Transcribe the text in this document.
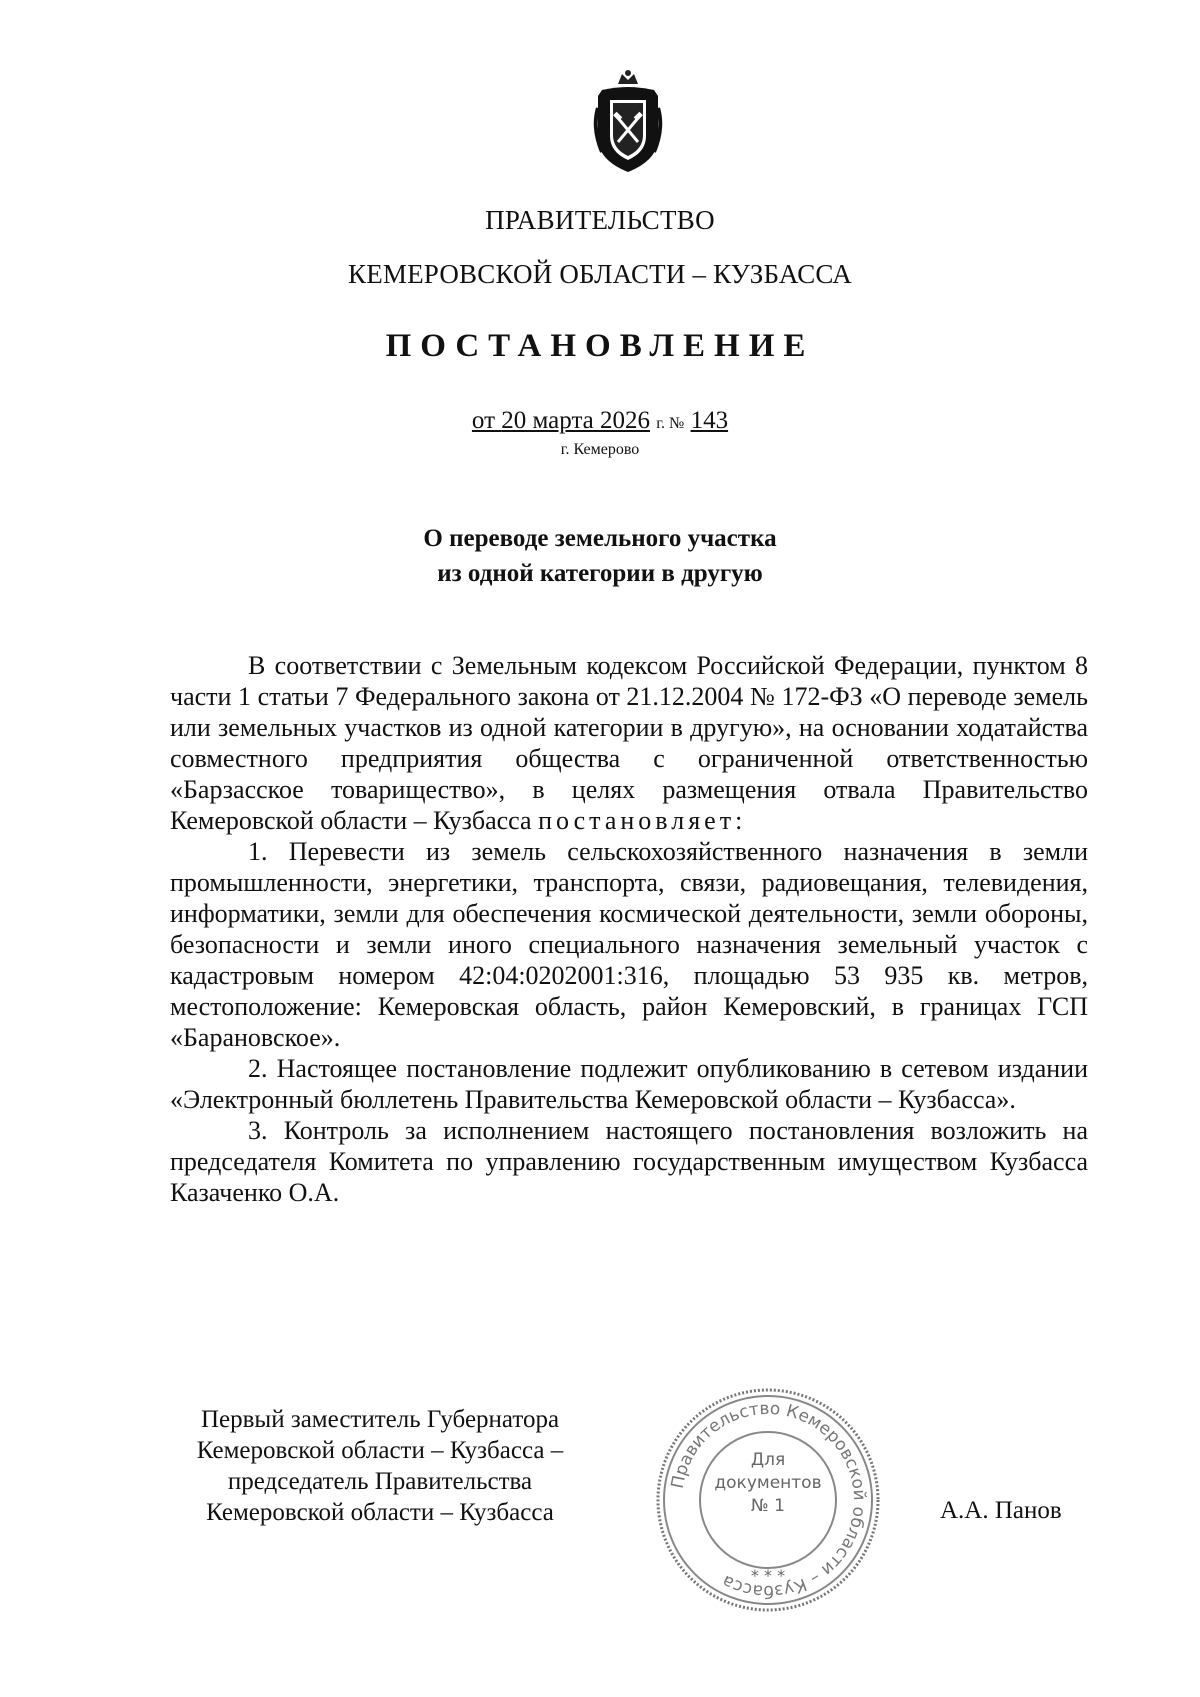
ПРАВИТЕЛЬСТВО
КЕМЕРОВСКОЙ ОБЛАСТИ – КУЗБАССА
ПОСТАНОВЛЕНИЕ
от 20 марта 2026 г. № 143
г. Кемерово
О переводе земельного участка
из одной категории в другую

В соответствии с Земельным кодексом Российской Федерации, пунктом 8 части 1 статьи 7 Федерального закона от 21.12.2004 № 172-ФЗ «О переводе земель или земельных участков из одной категории в другую», на основании ходатайства совместного предприятия общества с ограниченной ответственностью «Барзасское товарищество», в целях размещения отвала Правительство Кемеровской области – Кузбасса постановляет:

1. Перевести из земель сельскохозяйственного назначения в земли промышленности, энергетики, транспорта, связи, радиовещания, телевидения, информатики, земли для обеспечения космической деятельности, земли обороны, безопасности и земли иного специального назначения земельный участок с кадастровым номером 42:04:0202001:316, площадью 53 935 кв. метров, местоположение: Кемеровская область, район Кемеровский, в границах ГСП «Барановское».

2. Настоящее постановление подлежит опубликованию в сетевом издании «Электронный бюллетень Правительства Кемеровской области – Кузбасса».

3. Контроль за исполнением настоящего постановления возложить на председателя Комитета по управлению государственным имуществом Кузбасса Казаченко О.А.

Первый заместитель Губернатора
Кемеровской области – Кузбасса –
председатель Правительства
Кемеровской области – Кузбасса	А.А. Панов
Правительство Кемеровской области – Кузбасса
Для
документов
№ 1
* * *
